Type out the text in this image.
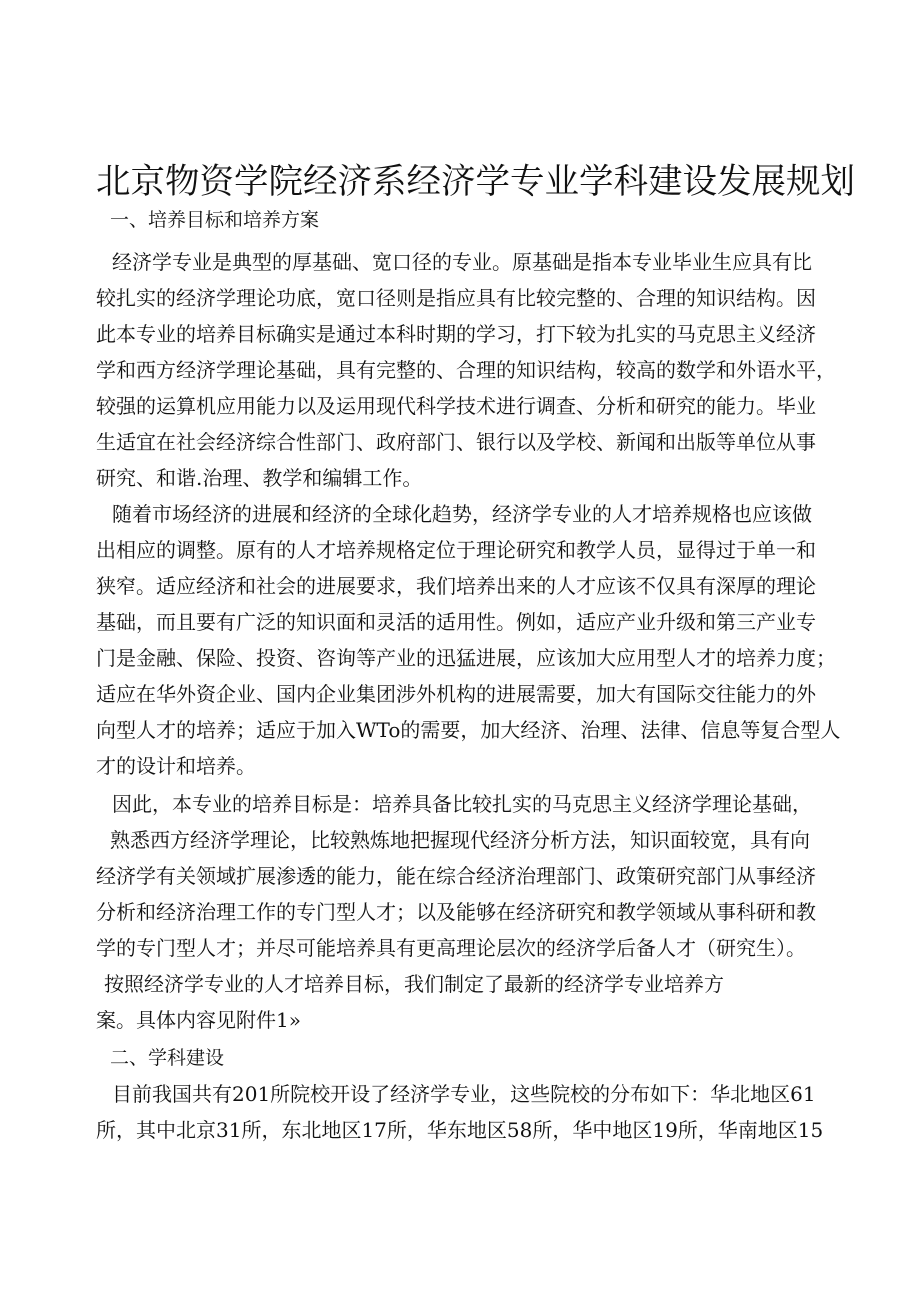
北京物资学院经济系经济学专业学科建设发展规划
一、培养目标和培养方案
经济学专业是典型的厚基础、宽口径的专业。原基础是指本专业毕业生应具有比
较扎实的经济学理论功底，宽口径则是指应具有比较完整的、合理的知识结构。因
此本专业的培养目标确实是通过本科时期的学习，打下较为扎实的马克思主义经济
学和西方经济学理论基础，具有完整的、合理的知识结构，较高的数学和外语水平，
较强的运算机应用能力以及运用现代科学技术进行调查、分析和研究的能力。毕业
生适宜在社会经济综合性部门、政府部门、银行以及学校、新闻和出版等单位从事
研究、和谐.治理、教学和编辑工作。
随着市场经济的进展和经济的全球化趋势，经济学专业的人才培养规格也应该做
出相应的调整。原有的人才培养规格定位于理论研究和教学人员，显得过于单一和
狭窄。适应经济和社会的进展要求，我们培养出来的人才应该不仅具有深厚的理论
基础，而且要有广泛的知识面和灵活的适用性。例如，适应产业升级和第三产业专
门是金融、保险、投资、咨询等产业的迅猛进展，应该加大应用型人才的培养力度；
适应在华外资企业、国内企业集团涉外机构的进展需要，加大有国际交往能力的外
向型人才的培养；适应于加入WTo的需要，加大经济、治理、法律、信息等复合型人
才的设计和培养。
因此，本专业的培养目标是：培养具备比较扎实的马克思主义经济学理论基础，
熟悉西方经济学理论，比较熟炼地把握现代经济分析方法，知识面较宽，具有向
经济学有关领域扩展渗透的能力，能在综合经济治理部门、政策研究部门从事经济
分析和经济治理工作的专门型人才；以及能够在经济研究和教学领域从事科研和教
学的专门型人才；并尽可能培养具有更高理论层次的经济学后备人才（研究生）。
按照经济学专业的人才培养目标，我们制定了最新的经济学专业培养方
案。具体内容见附件1»
二、学科建设
目前我国共有201所院校开设了经济学专业，这些院校的分布如下：华北地区61
所，其中北京31所，东北地区17所，华东地区58所，华中地区19所，华南地区15
